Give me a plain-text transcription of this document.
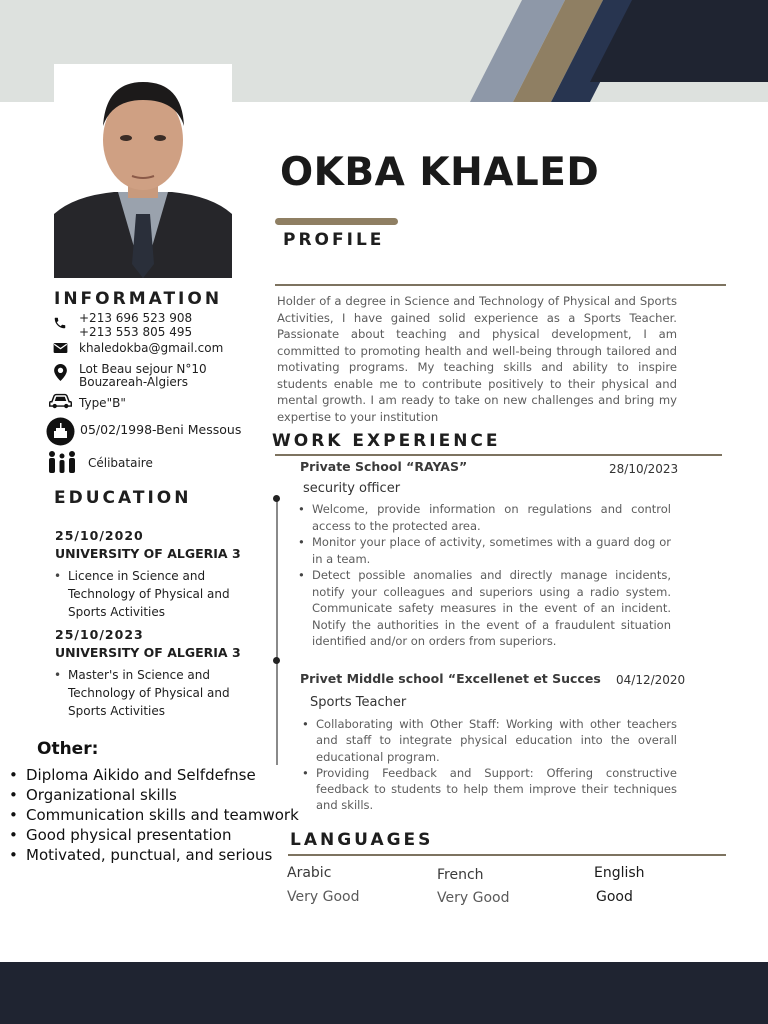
OKBA KHALED
PROFILE
Holder of a degree in Science and Technology of Physical and Sports Activities, I have gained solid experience as a Sports Teacher. Passionate about teaching and physical development, I am committed to promoting health and well-being through tailored and motivating programs. My teaching skills and ability to inspire students enable me to contribute positively to their physical and mental growth. I am ready to take on new challenges and bring my expertise to your institution
INFORMATION
+213 696 523 908
+213 553 805 495
khaledokba@gmail.com
Lot Beau sejour N°10
Bouzareah-Algiers
Type"B"
05/02/1998-Beni Messous
Célibataire
EDUCATION
25/10/2020
UNIVERSITY OF ALGERIA 3
• Licence in Science and
Technology of Physical and
Sports Activities
25/10/2023
UNIVERSITY OF ALGERIA 3
• Master's in Science and
Technology of Physical and
Sports Activities
Other:
• Diploma Aikido and Selfdefnse
• Organizational skills
• Communication skills and teamwork
• Good physical presentation
• Motivated, punctual, and serious
WORK EXPERIENCE
Private School “RAYAS”	28/10/2023
security officer
• Welcome, provide information on regulations and control access to the protected area.
• Monitor your place of activity, sometimes with a guard dog or in a team.
• Detect possible anomalies and directly manage incidents, notify your colleagues and superiors using a radio system. Communicate safety measures in the event of an incident. Notify the authorities in the event of a fraudulent situation identified and/or on orders from superiors.
Privet Middle school “Excellenet et Succes 04/12/2020
Sports Teacher
• Collaborating with Other Staff: Working with other teachers and staff to integrate physical education into the overall educational program.
• Providing Feedback and Support: Offering constructive feedback to students to help them improve their techniques and skills.
LANGUAGES
Arabic
Very Good
French
Very Good
English
Good
